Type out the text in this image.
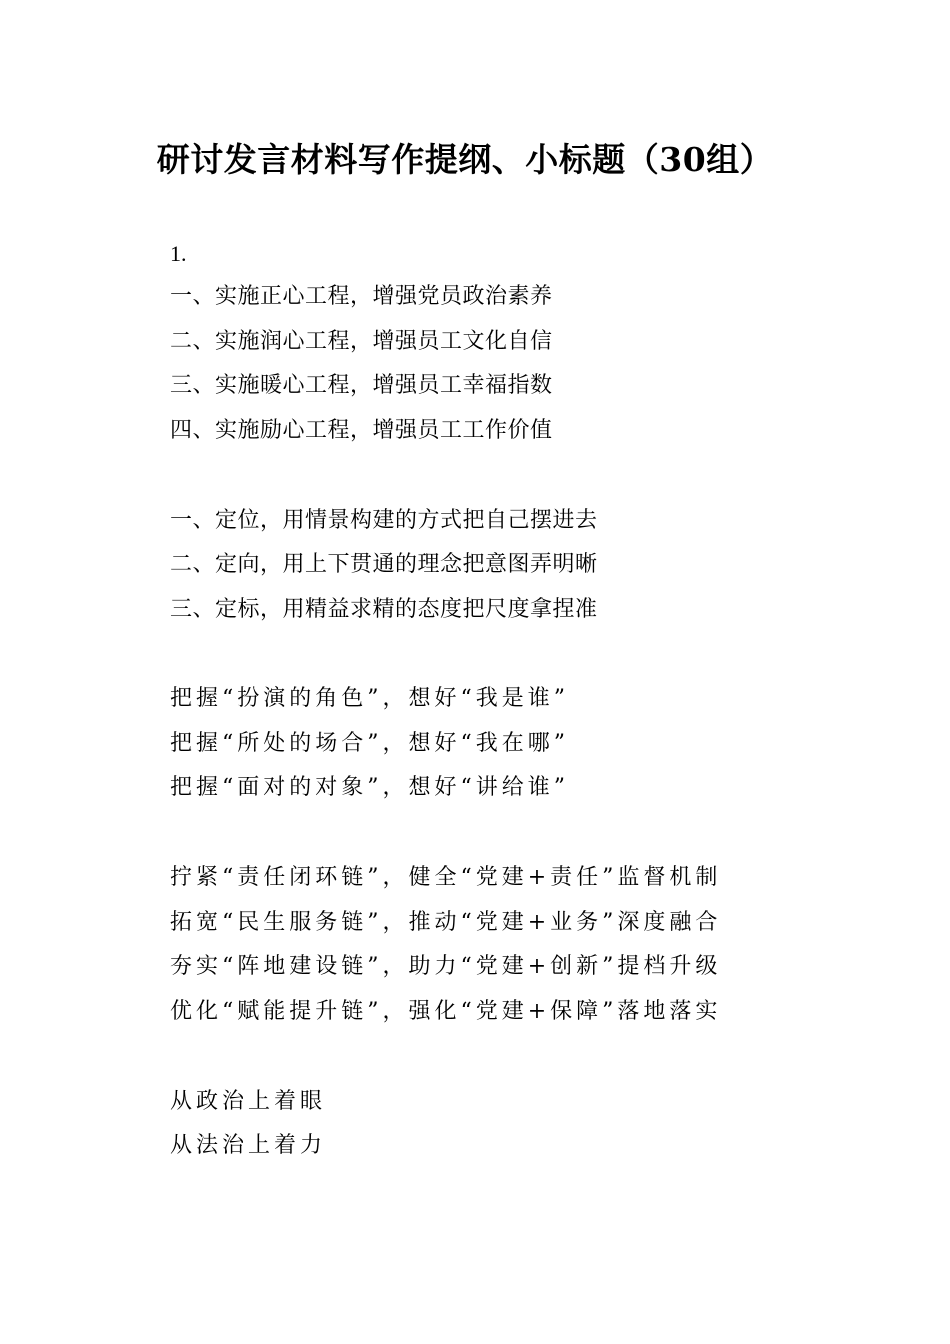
研讨发言材料写作提纲、小标题（30组）
1.
一、实施正心工程，增强党员政治素养
二、实施润心工程，增强员工文化自信
三、实施暖心工程，增强员工幸福指数
四、实施励心工程，增强员工工作价值
一、定位，用情景构建的方式把自己摆进去
二、定向，用上下贯通的理念把意图弄明晰
三、定标，用精益求精的态度把尺度拿捏准
把握“扮演的角色”，想好“我是谁”
把握“所处的场合”，想好“我在哪”
把握“面对的对象”，想好“讲给谁”
拧紧“责任闭环链”，健全“党建+责任”监督机制
拓宽“民生服务链”，推动“党建+业务”深度融合
夯实“阵地建设链”，助力“党建+创新”提档升级
优化“赋能提升链”，强化“党建+保障”落地落实
从政治上着眼
从法治上着力
